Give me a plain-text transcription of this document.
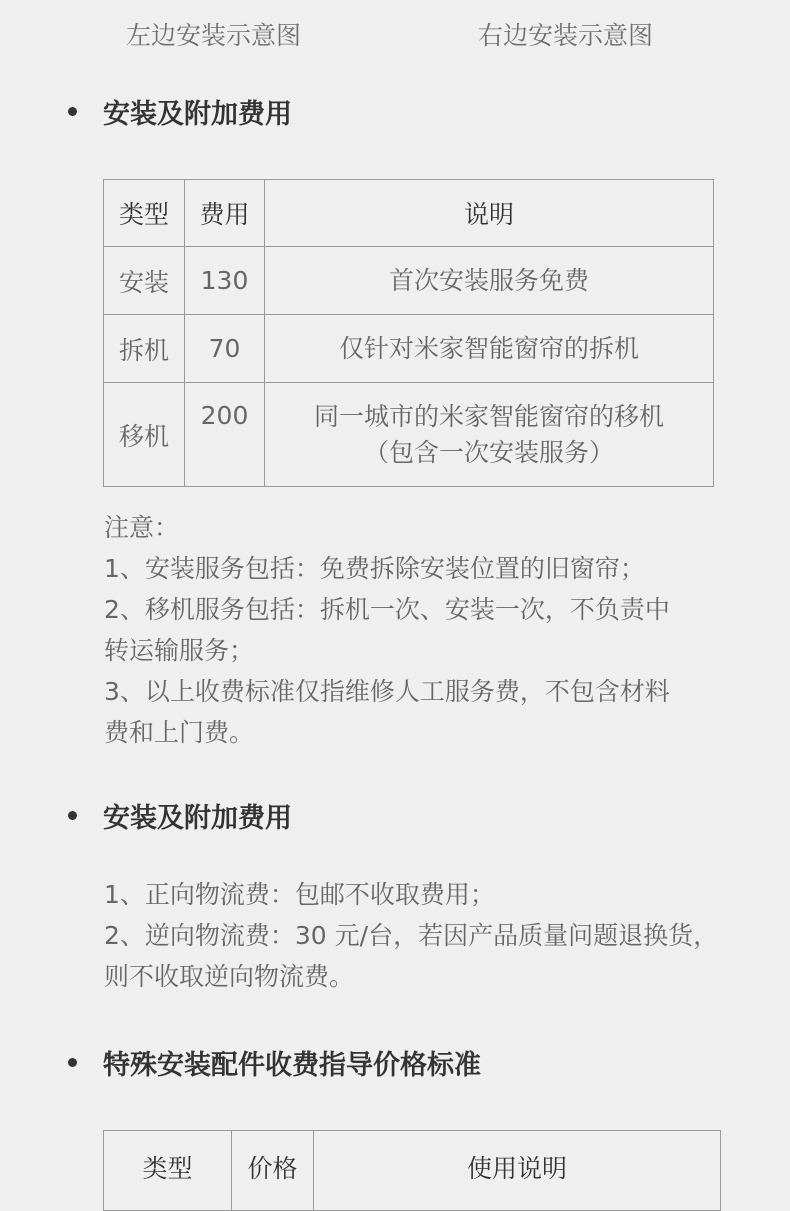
左边安装示意图	右边安装示意图
安装及附加费用
类型	费用	说明
安装	130	首次安装服务免费

拆机	70	仅针对米家智能窗帘的拆机

移机	200	同一城市的米家智能窗帘的移机
（包含一次安装服务）
注意：
1、安装服务包括：免费拆除安装位置的旧窗帘；
2、移机服务包括：拆机一次、安装一次，不负责中
转运输服务；
3、以上收费标准仅指维修人工服务费，不包含材料
费和上门费。
安装及附加费用
1、正向物流费：包邮不收取费用；
2、逆向物流费：30 元/台，若因产品质量问题退换货，
则不收取逆向物流费。
特殊安装配件收费指导价格标准
类型	价格	使用说明
